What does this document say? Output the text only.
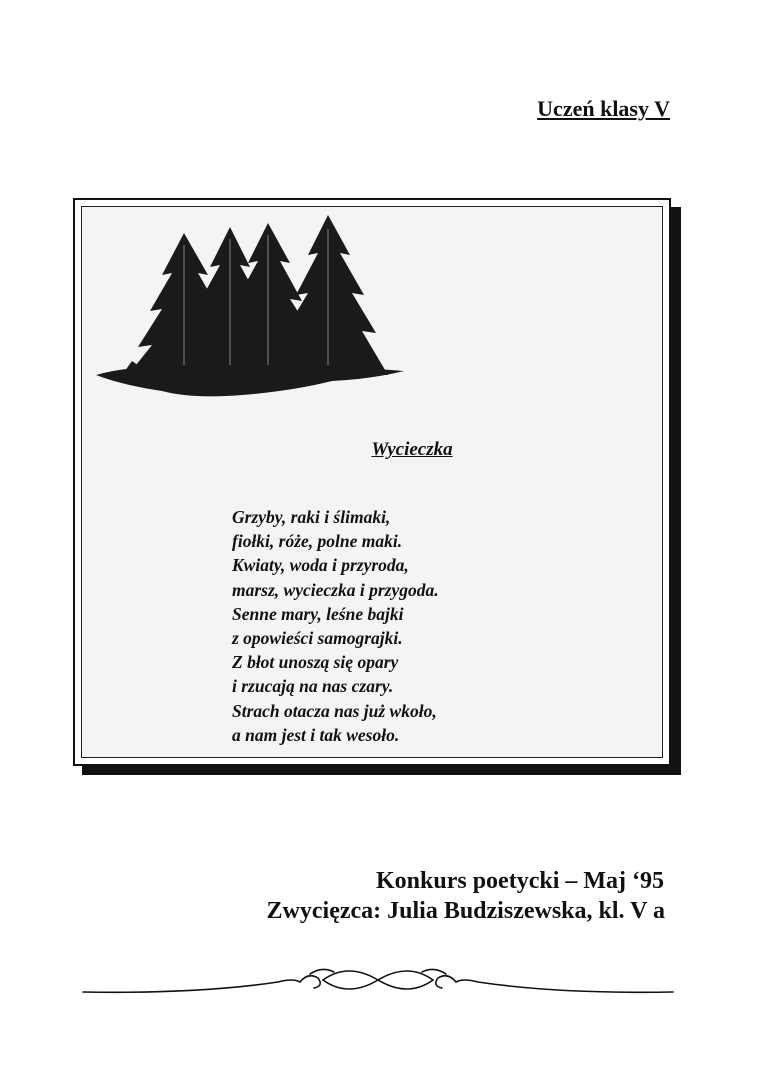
Uczeń klasy V
Wycieczka
Grzyby, raki i ślimaki,
fiołki, róże, polne maki.
Kwiaty, woda i przyroda,
marsz, wycieczka i przygoda.
Senne mary, leśne bajki
z opowieści samograjki.
Z błot unoszą się opary
i rzucają na nas czary.
Strach otacza nas już wkoło,
a nam jest i tak wesoło.
Konkurs poetycki – Maj ‘95
Zwycięzca: Julia Budziszewska, kl. V a
